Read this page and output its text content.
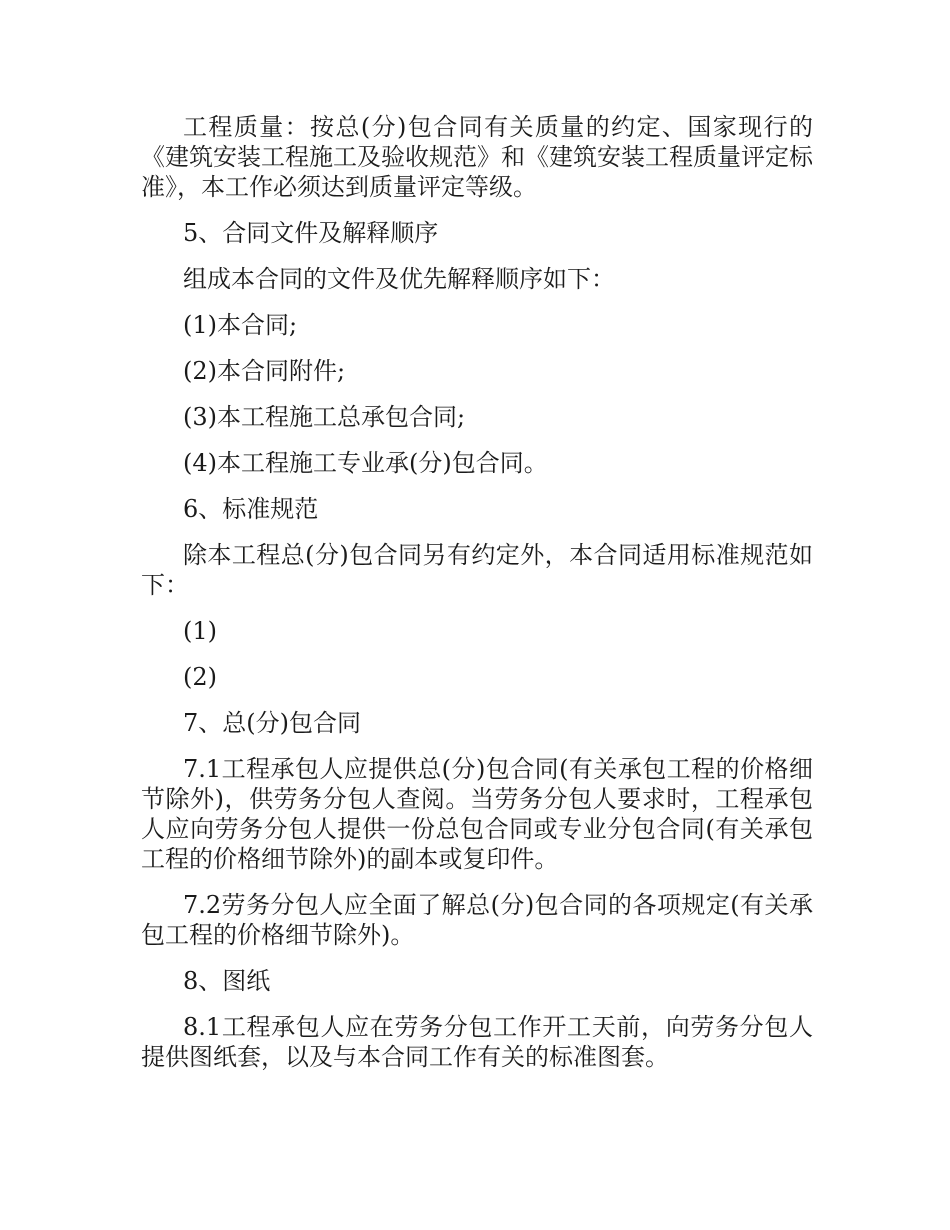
工程质量：按总(分)包合同有关质量的约定、国家现行的《建筑安装工程施工及验收规范》和《建筑安装工程质量评定标准》，本工作必须达到质量评定等级。

5、合同文件及解释顺序

组成本合同的文件及优先解释顺序如下：

(1)本合同;

(2)本合同附件;

(3)本工程施工总承包合同;

(4)本工程施工专业承(分)包合同。

6、标准规范

除本工程总(分)包合同另有约定外，本合同适用标准规范如下：

(1)

(2)

7、总(分)包合同

7.1工程承包人应提供总(分)包合同(有关承包工程的价格细节除外)，供劳务分包人查阅。当劳务分包人要求时，工程承包人应向劳务分包人提供一份总包合同或专业分包合同(有关承包工程的价格细节除外)的副本或复印件。

7.2劳务分包人应全面了解总(分)包合同的各项规定(有关承包工程的价格细节除外)。

8、图纸

8.1工程承包人应在劳务分包工作开工天前，向劳务分包人提供图纸套，以及与本合同工作有关的标准图套。
